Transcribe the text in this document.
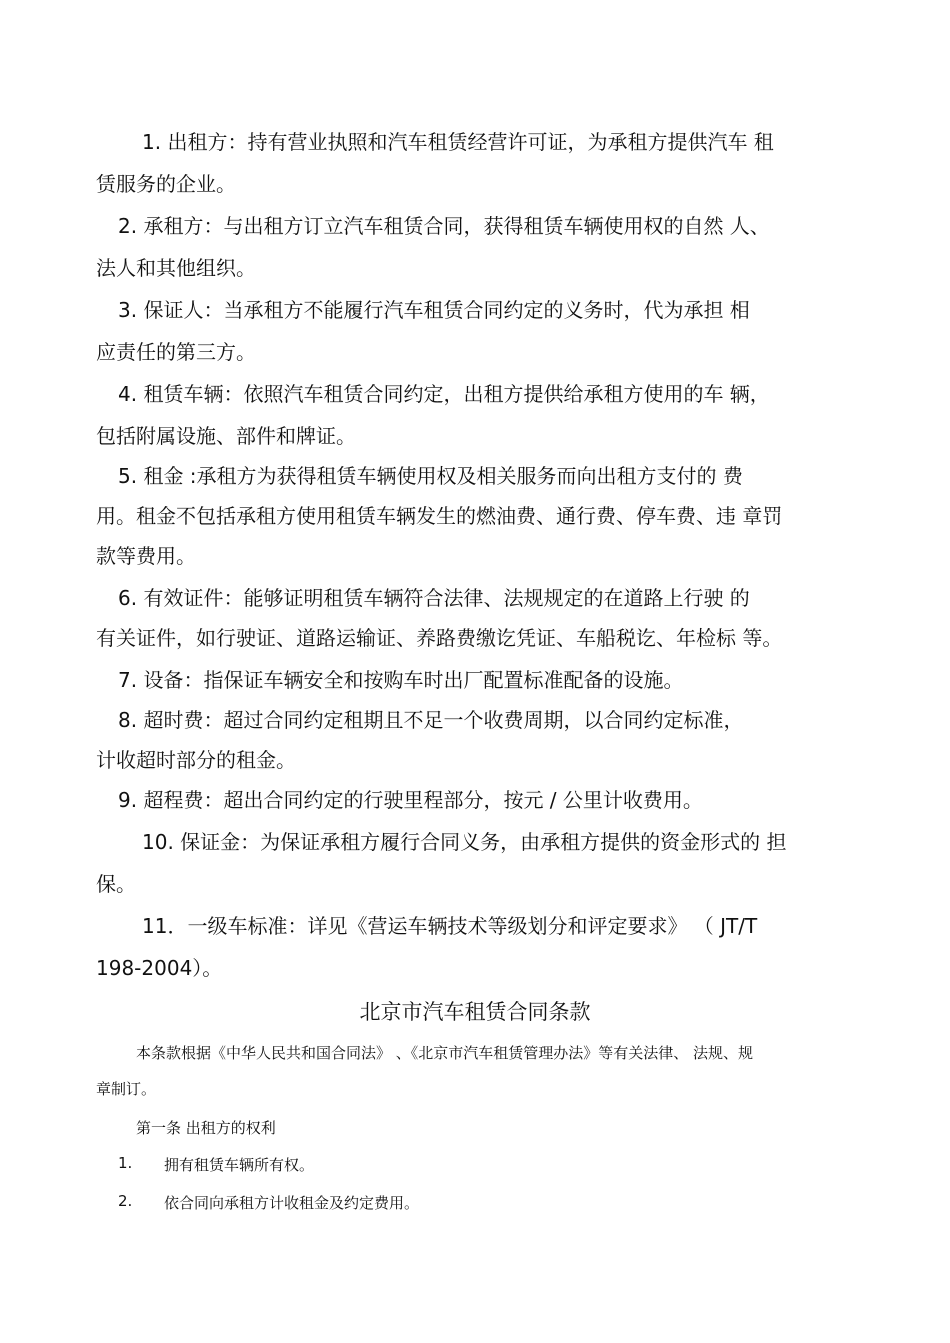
1. 出租方：持有营业执照和汽车租赁经营许可证，为承租方提供汽车 租
赁服务的企业。
2. 承租方：与出租方订立汽车租赁合同，获得租赁车辆使用权的自然 人、
法人和其他组织。
3. 保证人：当承租方不能履行汽车租赁合同约定的义务时，代为承担 相
应责任的第三方。
4. 租赁车辆：依照汽车租赁合同约定，出租方提供给承租方使用的车 辆，
包括附属设施、部件和牌证。
5. 租金 :承租方为获得租赁车辆使用权及相关服务而向出租方支付的 费
用。租金不包括承租方使用租赁车辆发生的燃油费、通行费、停车费、违 章罚
款等费用。
6. 有效证件：能够证明租赁车辆符合法律、法规规定的在道路上行驶 的
有关证件，如行驶证、道路运输证、养路费缴讫凭证、车船税讫、年检标 等。
7. 设备：指保证车辆安全和按购车时出厂配置标准配备的设施。
8. 超时费：超过合同约定租期且不足一个收费周期，以合同约定标准，
计收超时部分的租金。
9. 超程费：超出合同约定的行驶里程部分，按元 / 公里计收费用。
10. 保证金：为保证承租方履行合同义务，由承租方提供的资金形式的 担
保。
11．一级车标准：详见《营运车辆技术等级划分和评定要求》 （ JT/T
198-2004）。
北京市汽车租赁合同条款
本条款根据《中华人民共和国合同法》 、《北京市汽车租赁管理办法》等有关法律、 法规、规
章制订。
第一条 出租方的权利
1. 拥有租赁车辆所有权。
2. 依合同向承租方计收租金及约定费用。
